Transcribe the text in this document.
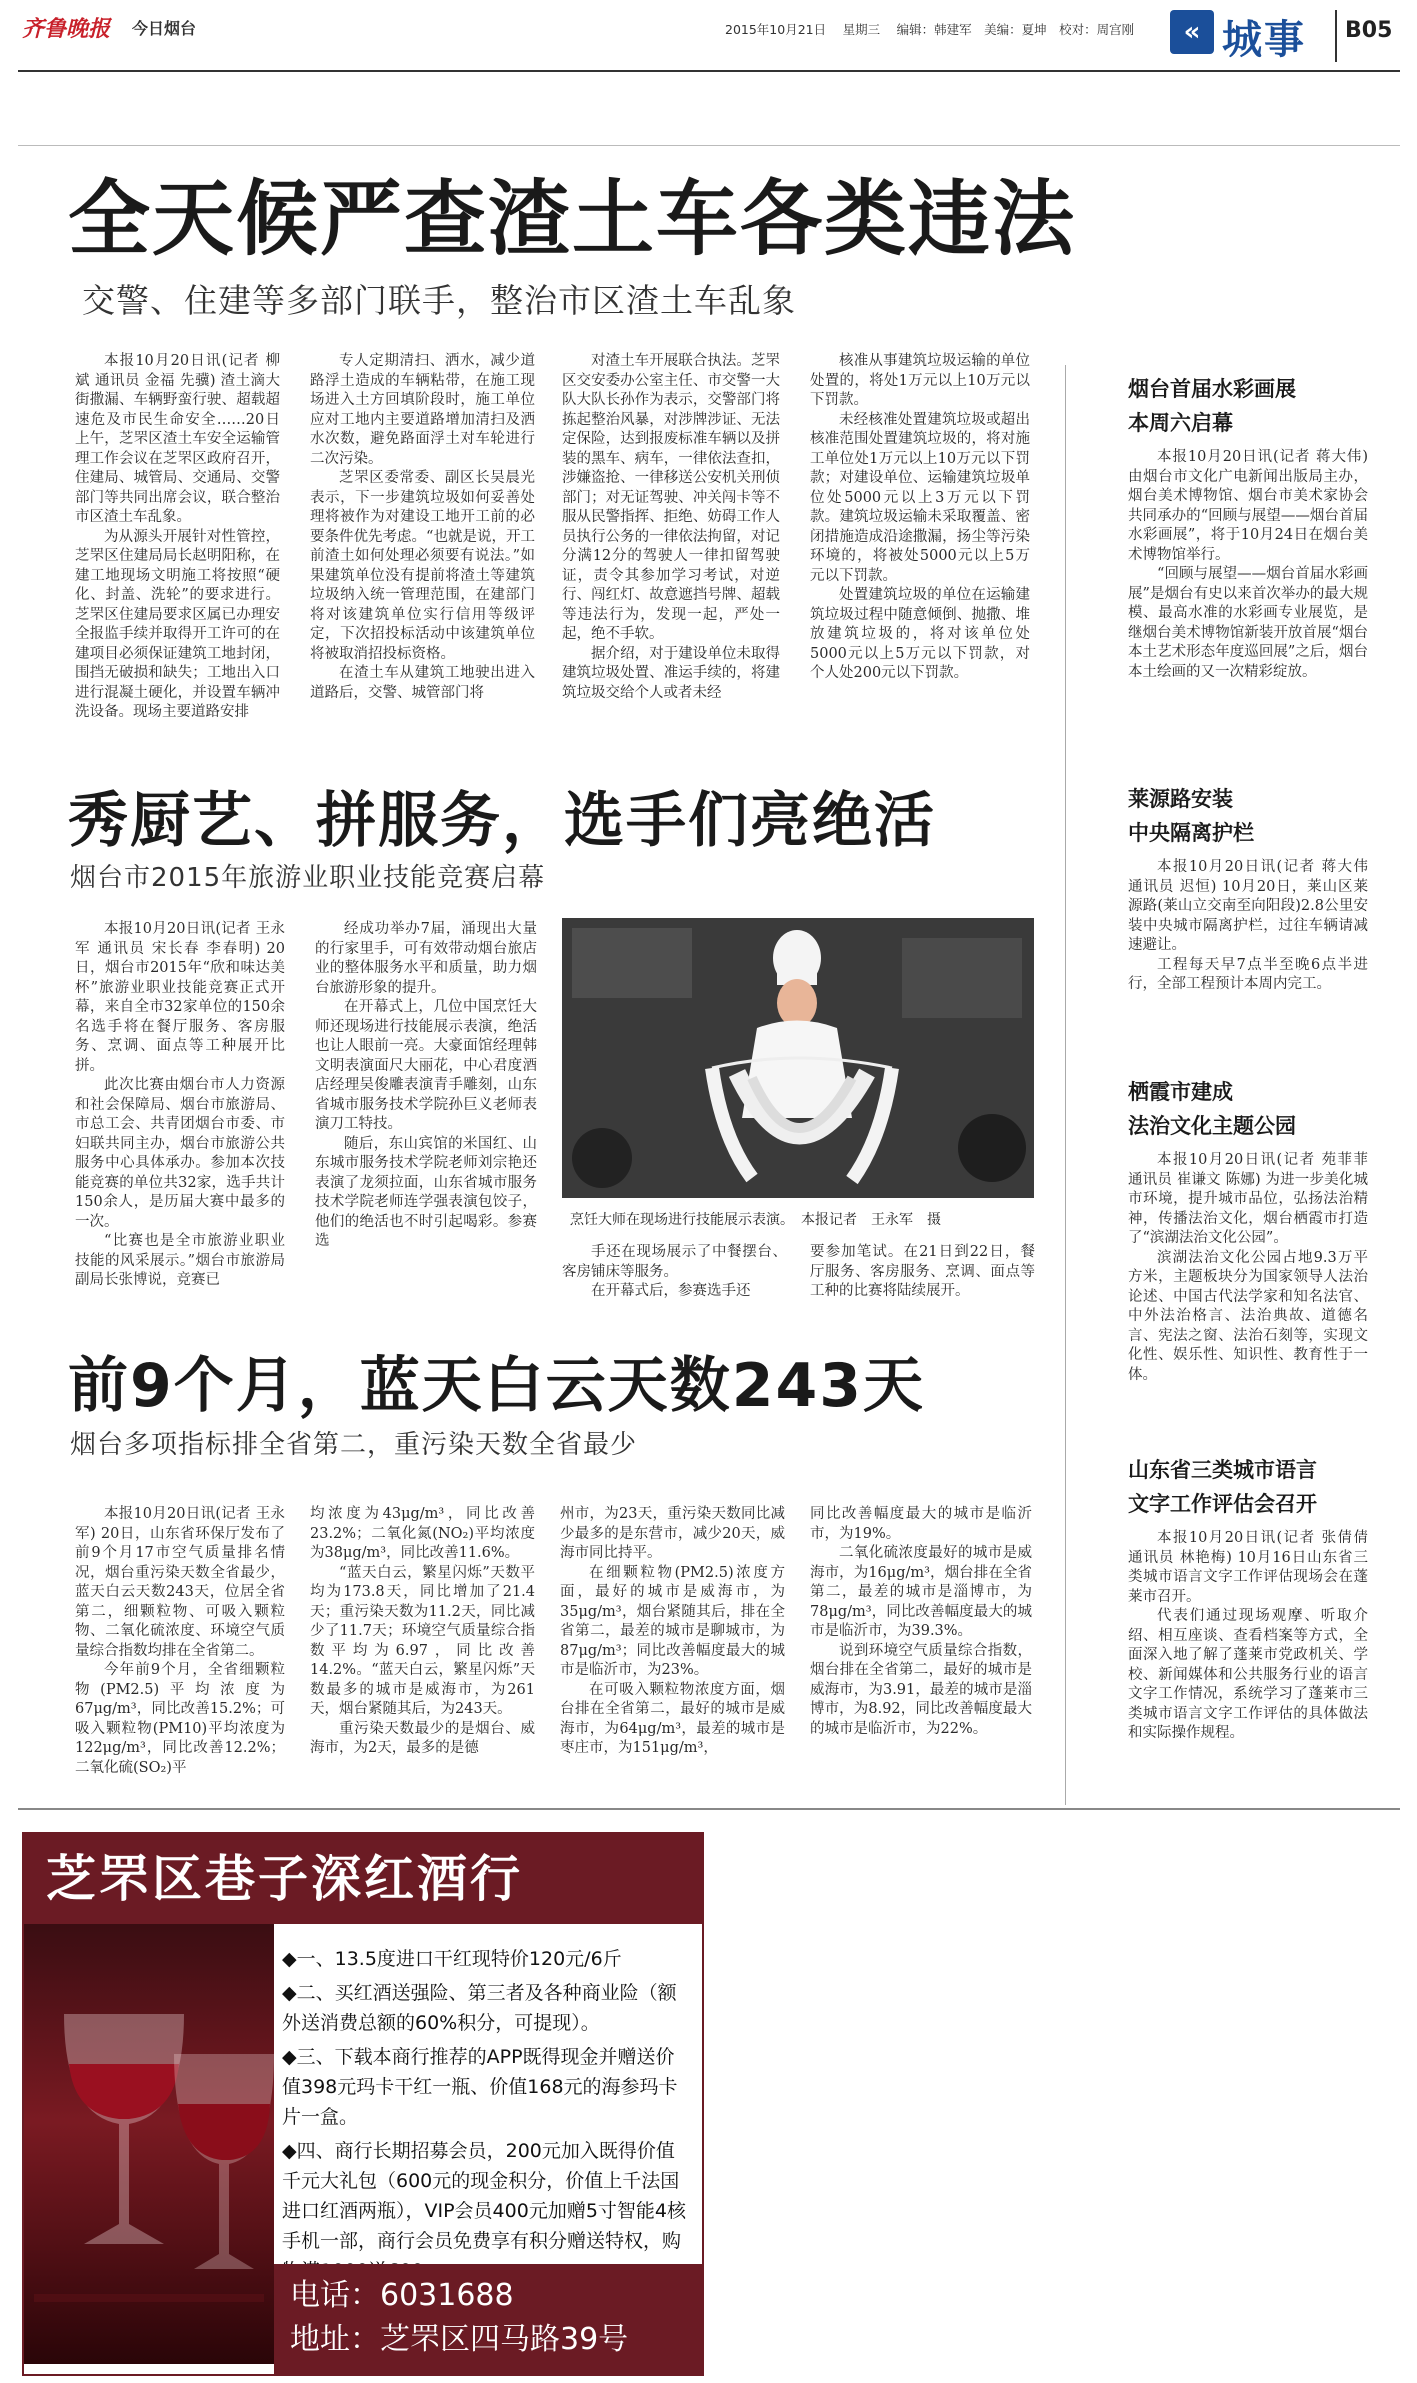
齐鲁晚报 今日烟台	2015年10月21日　 星期三　 编辑：韩建军　美编：夏坤　校对：周宫刚	« 城事 B05
全天候严查渣土车各类违法
交警、住建等多部门联手，整治市区渣土车乱象

本报10月20日讯(记者 柳斌 通讯员 金福 先骥) 渣土滴大街撒漏、车辆野蛮行驶、超载超速危及市民生命安全……20日上午，芝罘区渣土车安全运输管理工作会议在芝罘区政府召开，住建局、城管局、交通局、交警部门等共同出席会议，联合整治市区渣土车乱象。

为从源头开展针对性管控，芝罘区住建局局长赵明阳称，在建工地现场文明施工将按照“硬化、封盖、洗轮”的要求进行。芝罘区住建局要求区属已办理安全报监手续并取得开工许可的在建项目必须保证建筑工地封闭，围挡无破损和缺失；工地出入口进行混凝土硬化，并设置车辆冲洗设备。现场主要道路安排

专人定期清扫、洒水，减少道路浮土造成的车辆粘带，在施工现场进入土方回填阶段时，施工单位应对工地内主要道路增加清扫及洒水次数，避免路面浮土对车轮进行二次污染。

芝罘区委常委、副区长吴晨光表示，下一步建筑垃圾如何妥善处理将被作为对建设工地开工前的必要条件优先考虑。“也就是说，开工前渣土如何处理必须要有说法。”如果建筑单位没有提前将渣土等建筑垃圾纳入统一管理范围，在建部门将对该建筑单位实行信用等级评定，下次招投标活动中该建筑单位将被取消招投标资格。

在渣土车从建筑工地驶出进入道路后，交警、城管部门将

对渣土车开展联合执法。芝罘区交安委办公室主任、市交警一大队大队长孙作为表示，交警部门将拣起整治风暴，对涉牌涉证、无法定保险，达到报废标准车辆以及拼装的黑车、病车，一律依法查扣，涉嫌盗抢、一律移送公安机关刑侦部门；对无证驾驶、冲关闯卡等不服从民警指挥、拒绝、妨碍工作人员执行公务的一律依法拘留，对记分满12分的驾驶人一律扣留驾驶证，责令其参加学习考试，对逆行、闯红灯、故意遮挡号牌、超载等违法行为，发现一起，严处一起，绝不手软。

据介绍，对于建设单位未取得建筑垃圾处置、准运手续的，将建筑垃圾交给个人或者未经

核准从事建筑垃圾运输的单位处置的，将处1万元以上10万元以下罚款。

未经核准处置建筑垃圾或超出核准范围处置建筑垃圾的，将对施工单位处1万元以上10万元以下罚款；对建设单位、运输建筑垃圾单位处5000元以上3万元以下罚款。建筑垃圾运输未采取覆盖、密闭措施造成沿途撒漏，扬尘等污染环境的，将被处5000元以上5万元以下罚款。

处置建筑垃圾的单位在运输建筑垃圾过程中随意倾倒、抛撒、堆放建筑垃圾的，将对该单位处5000元以上5万元以下罚款，对个人处200元以下罚款。

秀厨艺、拼服务，选手们亮绝活
烟台市2015年旅游业职业技能竞赛启幕

本报10月20日讯(记者 王永军 通讯员 宋长春 李春明) 20日，烟台市2015年“欣和味达美杯”旅游业职业技能竞赛正式开幕，来自全市32家单位的150余名选手将在餐厅服务、客房服务、烹调、面点等工种展开比拼。

此次比赛由烟台市人力资源和社会保障局、烟台市旅游局、市总工会、共青团烟台市委、市妇联共同主办，烟台市旅游公共服务中心具体承办。参加本次技能竞赛的单位共32家，选手共计150余人，是历届大赛中最多的一次。

“比赛也是全市旅游业职业技能的风采展示。”烟台市旅游局副局长张博说，竞赛已

经成功举办7届，涌现出大量的行家里手，可有效带动烟台旅店业的整体服务水平和质量，助力烟台旅游形象的提升。

在开幕式上，几位中国烹饪大师还现场进行技能展示表演，绝活也让人眼前一亮。大豪面馆经理韩文明表演面尺大丽花，中心君度酒店经理吴俊雕表演青手雕刻，山东省城市服务技术学院孙巨义老师表演刀工特技。

随后，东山宾馆的米国红、山东城市服务技术学院老师刘宗艳还表演了龙须拉面，山东省城市服务技术学院老师连学强表演包饺子，他们的绝活也不时引起喝彩。参赛选

烹饪大师在现场进行技能展示表演。　本报记者　王永军　摄

手还在现场展示了中餐摆台、客房铺床等服务。

在开幕式后，参赛选手还

要参加笔试。在21日到22日，餐厅服务、客房服务、烹调、面点等工种的比赛将陆续展开。

前9个月，蓝天白云天数243天
烟台多项指标排全省第二，重污染天数全省最少

本报10月20日讯(记者 王永军) 20日，山东省环保厅发布了前9个月17市空气质量排名情况，烟台重污染天数全省最少，蓝天白云天数243天，位居全省第二，细颗粒物、可吸入颗粒物、二氧化硫浓度、环境空气质量综合指数均排在全省第二。

今年前9个月，全省细颗粒物(PM2.5)平均浓度为67μg/m³，同比改善15.2%；可吸入颗粒物(PM10)平均浓度为122μg/m³，同比改善12.2%；二氧化硫(SO₂)平

均浓度为43μg/m³，同比改善23.2%；二氧化氮(NO₂)平均浓度为38μg/m³，同比改善11.6%。

“蓝天白云，繁星闪烁”天数平均为173.8天，同比增加了21.4天；重污染天数为11.2天，同比减少了11.7天；环境空气质量综合指数平均为6.97，同比改善14.2%。“蓝天白云，繁星闪烁”天数最多的城市是威海市，为261天，烟台紧随其后，为243天。

重污染天数最少的是烟台、威海市，为2天，最多的是德

州市，为23天，重污染天数同比减少最多的是东营市，减少20天，威海市同比持平。

在细颗粒物(PM2.5)浓度方面，最好的城市是威海市，为35μg/m³，烟台紧随其后，排在全省第二，最差的城市是聊城市，为87μg/m³；同比改善幅度最大的城市是临沂市，为23%。

在可吸入颗粒物浓度方面，烟台排在全省第二，最好的城市是威海市，为64μg/m³，最差的城市是枣庄市，为151μg/m³，

同比改善幅度最大的城市是临沂市，为19%。

二氧化硫浓度最好的城市是威海市，为16μg/m³，烟台排在全省第二，最差的城市是淄博市，为78μg/m³，同比改善幅度最大的城市是临沂市，为39.3%。

说到环境空气质量综合指数，烟台排在全省第二，最好的城市是威海市，为3.91，最差的城市是淄博市，为8.92，同比改善幅度最大的城市是临沂市，为22%。

烟台首届水彩画展
本周六启幕

本报10月20日讯(记者 蒋大伟) 由烟台市文化广电新闻出版局主办，烟台美术博物馆、烟台市美术家协会共同承办的“回顾与展望——烟台首届水彩画展”，将于10月24日在烟台美术博物馆举行。

“回顾与展望——烟台首届水彩画展”是烟台有史以来首次举办的最大规模、最高水准的水彩画专业展览，是继烟台美术博物馆新装开放首展“烟台本土艺术形态年度巡回展”之后，烟台本土绘画的又一次精彩绽放。

莱源路安装
中央隔离护栏

本报10月20日讯(记者 蒋大伟 通讯员 迟恒) 10月20日，莱山区莱源路(莱山立交南至向阳段)2.8公里安装中央城市隔离护栏，过往车辆请减速避让。

工程每天早7点半至晚6点半进行，全部工程预计本周内完工。

栖霞市建成
法治文化主题公园

本报10月20日讯(记者 苑菲菲 通讯员 崔谦文 陈娜) 为进一步美化城市环境，提升城市品位，弘扬法治精神，传播法治文化，烟台栖霞市打造了“滨湖法治文化公园”。

滨湖法治文化公园占地9.3万平方米，主题板块分为国家领导人法治论述、中国古代法学家和知名法官、中外法治格言、法治典故、道德名言、宪法之窗、法治石刻等，实现文化性、娱乐性、知识性、教育性于一体。

山东省三类城市语言
文字工作评估会召开

本报10月20日讯(记者 张倩倩 通讯员 林艳梅) 10月16日山东省三类城市语言文字工作评估现场会在蓬莱市召开。

代表们通过现场观摩、听取介绍、相互座谈、查看档案等方式，全面深入地了解了蓬莱市党政机关、学校、新闻媒体和公共服务行业的语言文字工作情况，系统学习了蓬莱市三类城市语言文字工作评估的具体做法和实际操作规程。

芝罘区巷子深红酒行
◆一、13.5度进口干红现特价120元/6斤
◆二、买红酒送强险、第三者及各种商业险（额外送消费总额的60%积分，可提现）。
◆三、下载本商行推荐的APP既得现金并赠送价值398元玛卡干红一瓶、价值168元的海参玛卡片一盒。
◆四、商行长期招募会员，200元加入既得价值千元大礼包（600元的现金积分，价值上千法国进口红酒两瓶），VIP会员400元加赠5寸智能4核手机一部，商行会员免费享有积分赠送特权，购
电话：6031688
地址：芝罘区四马路39号
